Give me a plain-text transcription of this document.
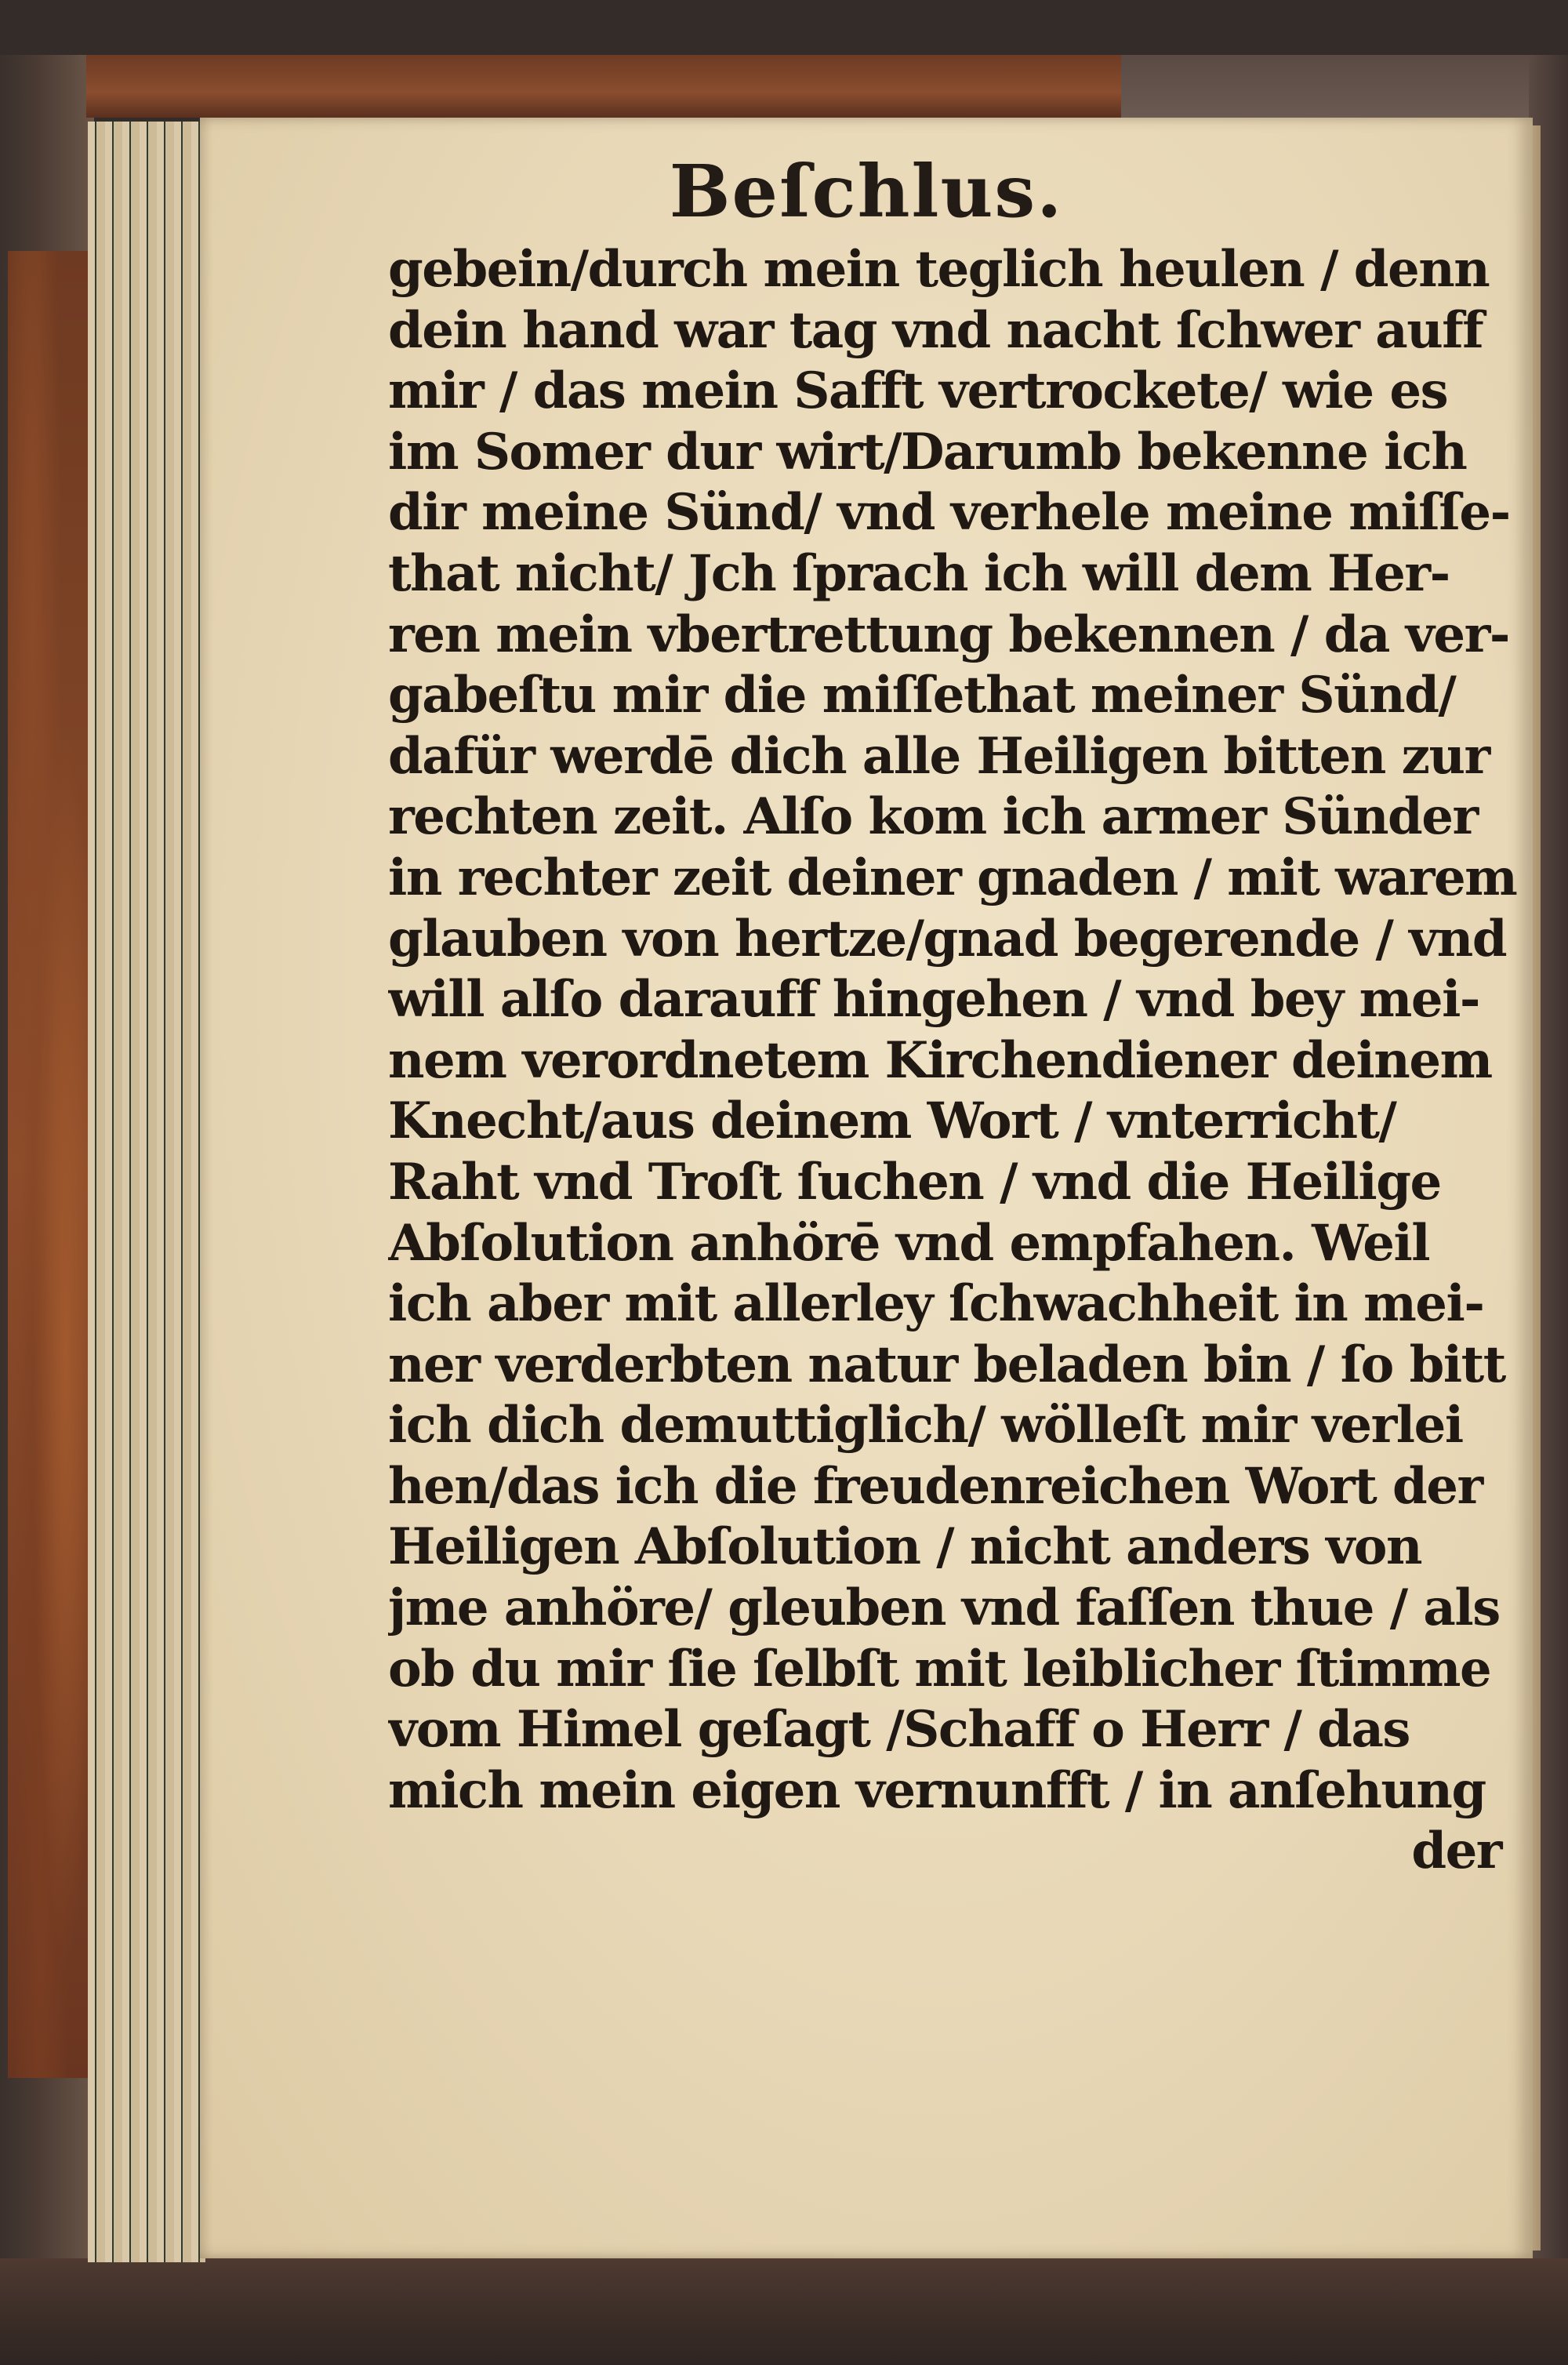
Beſchlus.
gebein/durch mein teglich heulen / denn
dein hand war tag vnd nacht ſchwer auff
mir / das mein Safft vertrockete/ wie es
im Somer dur wirt/Darumb bekenne ich
dir meine Sünd/ vnd verhele meine miſſe-
that nicht/ Jch ſprach ich will dem Her-
ren mein vbertrettung bekennen / da ver-
gabeſtu mir die miſſethat meiner Sünd/
dafür werdē dich alle Heiligen bitten zur
rechten zeit. Alſo kom ich armer Sünder
in rechter zeit deiner gnaden / mit warem
glauben von hertze/gnad begerende / vnd
will alſo darauff hingehen / vnd bey mei-
nem verordnetem Kirchendiener deinem
Knecht/aus deinem Wort / vnterricht/
Raht vnd Troſt ſuchen / vnd die Heilige
Abſolution anhörē vnd empfahen. Weil
ich aber mit allerley ſchwachheit in mei-
ner verderbten natur beladen bin / ſo bitt
ich dich demuttiglich/ wölleſt mir verlei
hen/das ich die freudenreichen Wort der
Heiligen Abſolution / nicht anders von
jme anhöre/ gleuben vnd faſſen thue / als
ob du mir ſie ſelbſt mit leiblicher ſtimme
vom Himel geſagt /Schaff o Herr / das
mich mein eigen vernunfft / in anſehung
der
